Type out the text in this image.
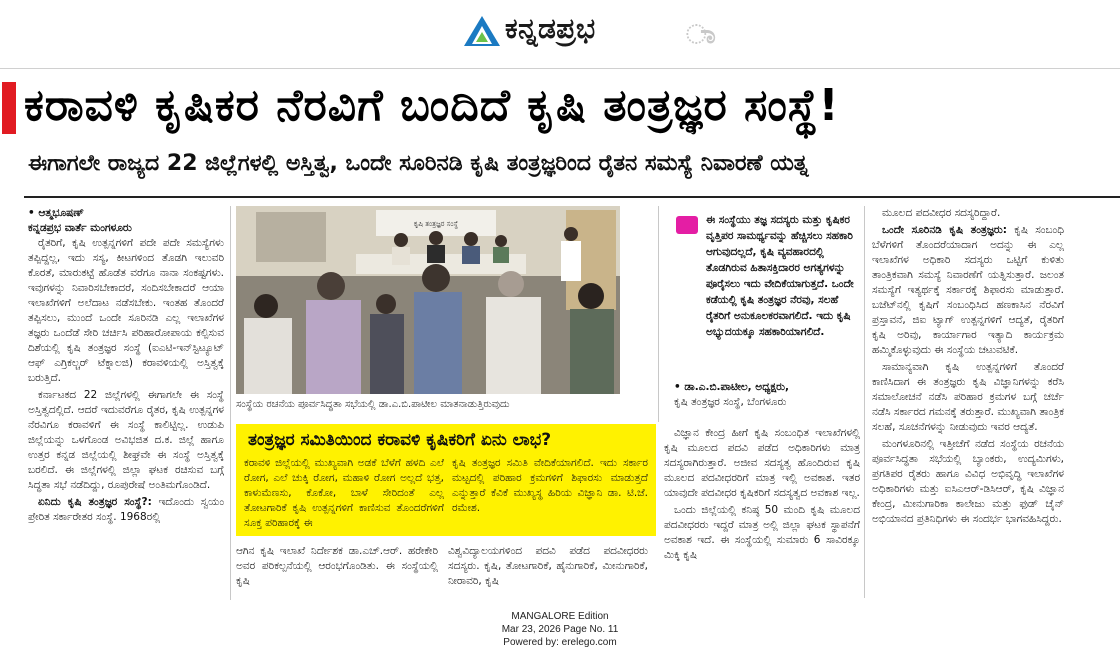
ಕನ್ನಡಪ್ರಭ	ಾ
ಕರಾವಳಿ ಕೃಷಿಕರ ನೆರವಿಗೆ ಬಂದಿದೆ ಕೃಷಿ ತಂತ್ರಜ್ಞರ ಸಂಸ್ಥೆ!
ಈಗಾಗಲೇ ರಾಜ್ಯದ 22 ಜಿಲ್ಲೆಗಳಲ್ಲಿ ಅಸ್ತಿತ್ವ, ಒಂದೇ ಸೂರಿನಡಿ ಕೃಷಿ ತಂತ್ರಜ್ಞರಿಂದ ರೈತನ ಸಮಸ್ಯೆ ನಿವಾರಣೆ ಯತ್ನ
• ಆತ್ಮಭೂಷಣ್
ಕನ್ನಡಪ್ರಭ ವಾರ್ತೆ ಮಂಗಳೂರು

ರೈತರಿಗೆ, ಕೃಷಿ ಉತ್ಪನ್ನಗಳಿಗೆ ಪದೇ ಪದೇ ಸಮಸ್ಯೆಗಳು ತಪ್ಪಿದ್ದಲ್ಲ, ಇದು ಸಸ್ಯ, ಕೀಟಗಳಿಂದ ತೊಡಗಿ ಇಲುವರಿ ಕೊರತೆ, ಮಾರುಕಟ್ಟೆ ಹೊಡೆತ ವರೆಗೂ ನಾನಾ ಸಂಕಷ್ಟಗಳು. ಇವುಗಳನ್ನು ನಿವಾರಿಸಬೇಕಾದರೆ, ಸಂದಿಸಬೇಕಾದರೆ ಆಯಾ ಇಲಾಖೆಗಳಿಗೆ ಅಲೆದಾಟ ನಡೆಸಬೇಕು. ಇಂತಹ ತೊಂದರೆ ತಪ್ಪಿಸಲು, ಮುಂದೆ ಒಂದೇ ಸೂರಿನಡಿ ಎಲ್ಲ ಇಲಾಖೆಗಳ ತಜ್ಞರು ಒಂದೆಡೆ ಸೇರಿ ಚರ್ಚಿಸಿ ಪರಿಹಾರೋಪಾಯ ಕಲ್ಪಿಸುವ ದಿಶೆಯಲ್ಲಿ ಕೃಷಿ ತಂತ್ರಜ್ಞರ ಸಂಸ್ಥೆ (ಐಎಟಿ-ಇನ್‌ಸ್ಟಿಟ್ಯೂಟ್ ಆಫ್ ಎಗ್ರಿಕಲ್ಚರ್ ಟೆಕ್ನಾಲಜಿ) ಕರಾವಳಿಯಲ್ಲಿ ಅಸ್ತಿತ್ವಕ್ಕೆ ಬರುತ್ತಿದೆ.

ಕರ್ನಾಟಕದ 22 ಜಿಲ್ಲೆಗಳಲ್ಲಿ ಈಗಾಗಲೇ ಈ ಸಂಸ್ಥೆ ಅಸ್ತಿತ್ವದಲ್ಲಿದೆ. ಆದರೆ ಇದುವರೆಗೂ ರೈತರ, ಕೃಷಿ ಉತ್ಪನ್ನಗಳ ನೆರವಿಗೂ ಕರಾವಳಿಗೆ ಈ ಸಂಸ್ಥೆ ಕಾಲಿಟ್ಟಿಲ್ಲ. ಉಡುಪಿ ಜಿಲ್ಲೆಯನ್ನು ಒಳಗೊಂಡ ಅವಿಭಜಿತ ದ.ಕ. ಜಿಲ್ಲೆ ಹಾಗೂ ಉತ್ತರ ಕನ್ನಡ ಜಿಲ್ಲೆಯಲ್ಲಿ ಶೀಘ್ರವೇ ಈ ಸಂಸ್ಥೆ ಅಸ್ತಿತ್ವಕ್ಕೆ ಬರಲಿದೆ. ಈ ಜಿಲ್ಲೆಗಳಲ್ಲಿ ಜಿಲ್ಲಾ ಘಟಕ ರಚಿಸುವ ಬಗ್ಗೆ ಸಿದ್ಧತಾ ಸಭೆ ನಡೆದಿದ್ದು, ರೂಪುರೇಷೆ ಅಂತಿಮಗೊಂಡಿದೆ.

ಏನಿದು ಕೃಷಿ ತಂತ್ರಜ್ಞರ ಸಂಸ್ಥೆ?: ಇದೊಂದು ಸ್ವಯಂ ಪ್ರೇರಿತ ಸರ್ಕಾರೇತರ ಸಂಸ್ಥೆ. 1968ರಲ್ಲಿ

ಕೃಷಿ ತಂತ್ರಜ್ಞರ ಸಂಸ್ಥೆ
ಸಂಸ್ಥೆಯ ರಚನೆಯ ಪೂರ್ವಸಿದ್ಧತಾ ಸಭೆಯಲ್ಲಿ ಡಾ.ಎ.ಬಿ.ಪಾಟೀಲ ಮಾತನಾಡುತ್ತಿರುವುದು
ಈ ಸಂಸ್ಥೆಯು ತಜ್ಞ ಸದಸ್ಯರು ಮತ್ತು ಕೃಷಿಕರ ವೃತ್ತಿಪರ ಸಾಮರ್ಥ್ಯವನ್ನು ಹೆಚ್ಚಿಸಲು ಸಹಕಾರಿ ಆಗುವುದಲ್ಲದೆ, ಕೃಷಿ ವ್ಯವಹಾರದಲ್ಲಿ ತೊಡಗಿರುವ ಹಿತಾಸಕ್ತಿದಾರರ ಅಗತ್ಯಗಳನ್ನು ಪೂರೈಸಲು ಇದು ವೇದಿಕೆಯಾಗುತ್ತದೆ. ಒಂದೇ ಕಡೆಯಲ್ಲಿ ಕೃಷಿ ತಂತ್ರಜ್ಞರ ನೆರವು, ಸಲಹೆ ರೈತರಿಗೆ ಅನುಕೂಲಕರವಾಗಲಿದೆ. ಇದು ಕೃಷಿ ಅಭ್ಯುದಯಕ್ಕೂ ಸಹಕಾರಿಯಾಗಲಿದೆ.
• ಡಾ.ಎ.ಬಿ.ಪಾಟೀಲ, ಅಧ್ಯಕ್ಷರು,
ಕೃಷಿ ತಂತ್ರಜ್ಞರ ಸಂಸ್ಥೆ, ಬೆಂಗಳೂರು
ತಂತ್ರಜ್ಞರ ಸಮಿತಿಯಿಂದ ಕರಾವಳಿ ಕೃಷಿಕರಿಗೆ ಏನು ಲಾಭ?
ಕರಾವಳಿ ಜಿಲ್ಲೆಯಲ್ಲಿ ಮುಖ್ಯವಾಗಿ ಅಡಕೆ ಬೆಳೆಗೆ ಹಳದಿ ಎಲೆ ರೋಗ, ಎಲೆ ಚುಕ್ಕಿ ರೋಗ, ಮಹಾಳಿ ರೋಗ ಅಲ್ಲದೆ ಭತ್ತ, ಕಾಳುಮೆಣಸು, ಕೊಕೋ, ಬಾಳೆ ಸೇರಿದಂತೆ ಎಲ್ಲ ತೋಟಗಾರಿಕೆ ಕೃಷಿ ಉತ್ಪನ್ನಗಳಿಗೆ ಕಾಣಿಸುವ ತೊಂದರೆಗಳಿಗೆ ಸೂಕ್ತ ಪರಿಹಾರಕ್ಕೆ ಈ
ಕೃಷಿ ತಂತ್ರಜ್ಞರ ಸಮಿತಿ ವೇದಿಕೆಯಾಗಲಿದೆ. ಇದು ಸರ್ಕಾರ ಮಟ್ಟದಲ್ಲಿ ಪರಿಹಾರ ಕ್ರಮಗಳಿಗೆ ಶಿಫಾರಸು ಮಾಡುತ್ತದೆ ಎನ್ನುತ್ತಾರೆ ಕೆವಿಕೆ ಮುಖ್ಯಸ್ಥ ಹಿರಿಯ ವಿಜ್ಞಾನಿ ಡಾ. ಟಿ.ಜೆ. ರಮೇಶ.
ಆಗಿನ ಕೃಷಿ ಇಲಾಖೆ ನಿರ್ದೇಶಕ ಡಾ.ಎಚ್.ಆರ್. ಹರೇಕೇರಿ ಅವರ ಪರಿಕಲ್ಪನೆಯಲ್ಲಿ ಆರಂಭಗೊಂಡಿತು. ಈ ಸಂಸ್ಥೆಯಲ್ಲಿ ಕೃಷಿ
ವಿಶ್ವವಿದ್ಯಾಲಯಗಳಿಂದ ಪದವಿ ಪಡೆದ ಪದವೀಧರರು ಸದಸ್ಯರು. ಕೃಷಿ, ತೋಟಗಾರಿಕೆ, ಹೈನುಗಾರಿಕೆ, ಮೀನುಗಾರಿಕೆ, ನೀರಾವರಿ, ಕೃಷಿ

ವಿಜ್ಞಾನ ಕೇಂದ್ರ ಹೀಗೆ ಕೃಷಿ ಸಂಬಂಧಿತ ಇಲಾಖೆಗಳಲ್ಲಿ ಕೃಷಿ ಮೂಲದ ಪದವಿ ಪಡೆದ ಅಧಿಕಾರಿಗಳು ಮಾತ್ರ ಸದಸ್ಯರಾಗಿರುತ್ತಾರೆ. ಅಜೀವ ಸದಸ್ಯತ್ವ ಹೊಂದಿರುವ ಕೃಷಿ ಮೂಲದ ಪದವೀಧರರಿಗೆ ಮಾತ್ರ ಇಲ್ಲಿ ಅವಕಾಶ. ಇತರ ಯಾವುದೇ ಪದವೀಧರ ಕೃಷಿಕರಿಗೆ ಸದಸ್ಯತ್ವದ ಅವಕಾಶ ಇಲ್ಲ.

ಒಂದು ಜಿಲ್ಲೆಯಲ್ಲಿ ಕನಿಷ್ಠ 50 ಮಂದಿ ಕೃಷಿ ಮೂಲದ ಪದವೀಧರರು ಇದ್ದರೆ ಮಾತ್ರ ಅಲ್ಲಿ ಜಿಲ್ಲಾ ಘಟಕ ಸ್ಥಾಪನೆಗೆ ಅವಕಾಶ ಇದೆ. ಈ ಸಂಸ್ಥೆಯಲ್ಲಿ ಸುಮಾರು 6 ಸಾವಿರಕ್ಕೂ ಮಿಕ್ಕಿ ಕೃಷಿ

ಮೂಲದ ಪದವೀಧರ ಸದಸ್ಯರಿದ್ದಾರೆ.

ಒಂದೇ ಸೂರಿನಡಿ ಕೃಷಿ ತಂತ್ರಜ್ಞರು: ಕೃಷಿ ಸಂಬಂಧಿ ಬೆಳೆಗಳಿಗೆ ತೊಂದರೆಯಾದಾಗ ಅದನ್ನು ಈ ಎಲ್ಲ ಇಲಾಖೆಗಳ ಅಧಿಕಾರಿ ಸದಸ್ಯರು ಒಟ್ಟಿಗೆ ಕುಳಿತು ತಾಂತ್ರಿಕವಾಗಿ ಸಮಸ್ಯೆ ನಿವಾರಣೆಗೆ ಯತ್ನಿಸುತ್ತಾರೆ. ಜಲಂತ ಸಮಸ್ಯೆಗೆ ಇತ್ಯರ್ಥಕ್ಕೆ ಸರ್ಕಾರಕ್ಕೆ ಶಿಫಾರಸು ಮಾಡುತ್ತಾರೆ. ಬಜೆಟ್‌ನಲ್ಲಿ ಕೃಷಿಗೆ ಸಂಬಂಧಿಸಿದ ಹಣಕಾಸಿನ ನೆರವಿಗೆ ಪ್ರಸ್ತಾವನೆ, ಜಿಐ ಟ್ಯಾಗ್ ಉತ್ಪನ್ನಗಳಿಗೆ ಆದ್ಯತೆ, ರೈತರಿಗೆ ಕೃಷಿ ಅರಿವು, ಕಾರ್ಯಾಗಾರ ಇತ್ಯಾದಿ ಕಾರ್ಯಕ್ರಮ ಹಮ್ಮಿಕೊಳ್ಳುವುದು ಈ ಸಂಸ್ಥೆಯ ಚಟುವಟಿಕೆ.

ಸಾಮಾನ್ಯವಾಗಿ ಕೃಷಿ ಉತ್ಪನ್ನಗಳಿಗೆ ತೊಂದರೆ ಕಾಣಿಸಿದಾಗ ಈ ತಂತ್ರಜ್ಞರು ಕೃಷಿ ವಿಜ್ಞಾನಿಗಳನ್ನು ಕರೆಸಿ ಸಮಾಲೋಚನೆ ನಡೆಸಿ ಪರಿಹಾರ ಕ್ರಮಗಳ ಬಗ್ಗೆ ಚರ್ಚೆ ನಡೆಸಿ ಸರ್ಕಾರದ ಗಮನಕ್ಕೆ ತರುತ್ತಾರೆ. ಮುಖ್ಯವಾಗಿ ತಾಂತ್ರಿಕ ಸಲಹೆ, ಸೂಚನೆಗಳನ್ನು ನೀಡುವುದು ಇವರ ಆದ್ಯತೆ.

ಮಂಗಳೂರಿನಲ್ಲಿ ಇತ್ತೀಚೆಗೆ ನಡೆದ ಸಂಸ್ಥೆಯ ರಚನೆಯ ಪೂರ್ವಸಿದ್ಧತಾ ಸಭೆಯಲ್ಲಿ ಬ್ಯಾಂಕರು, ಉದ್ಯಮಿಗಳು, ಪ್ರಗತಿಪರ ರೈತರು ಹಾಗೂ ವಿವಿಧ ಅಭಿವೃದ್ಧಿ ಇಲಾಖೆಗಳ ಅಧಿಕಾರಿಗಳು ಮತ್ತು ಐಸಿಎಆರ್-ಡಿಸಿಆರ್, ಕೃಷಿ ವಿಜ್ಞಾನ ಕೇಂದ್ರ, ಮೀನುಗಾರಿಕಾ ಕಾಲೇಜು ಮತ್ತು ಫುಡ್ ಚೈನ್ ಅಭಿಯಾನದ ಪ್ರತಿನಿಧಿಗಳು ಈ ಸಂದರ್ಭ ಭಾಗವಹಿಸಿದ್ದರು.

MANGALORE Edition
Mar 23, 2026 Page No. 11
Powered by: erelego.com
